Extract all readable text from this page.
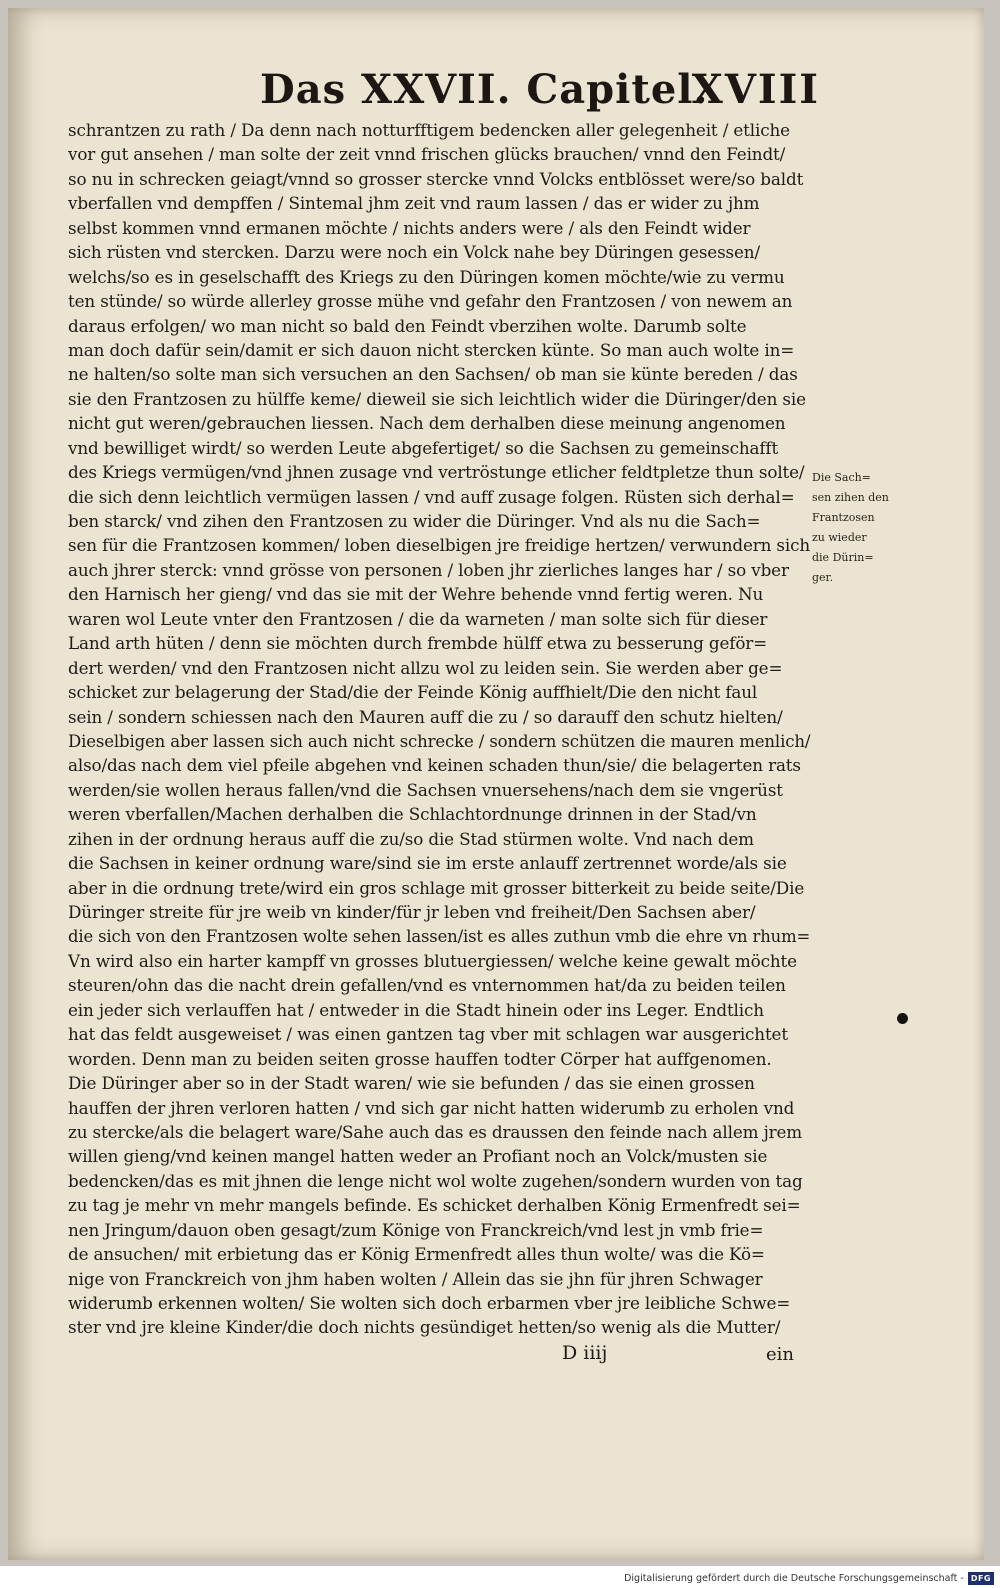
Das XXVII. Capitel.
XVIII
schrantzen zu rath / Da denn nach notturfftigem bedencken aller gelegenheit / etliche
vor gut ansehen / man solte der zeit vnnd frischen glücks brauchen/ vnnd den Feindt/
so nu in schrecken geiagt/vnnd so grosser stercke vnnd Volcks entblösset were/so baldt
vberfallen vnd dempffen / Sintemal jhm zeit vnd raum lassen / das er wider zu jhm
selbst kommen vnnd ermanen möchte / nichts anders were / als den Feindt wider
sich rüsten vnd stercken. Darzu were noch ein Volck nahe bey Düringen gesessen/
welchs/so es in geselschafft des Kriegs zu den Düringen komen möchte/wie zu vermu
ten stünde/ so würde allerley grosse mühe vnd gefahr den Frantzosen / von newem an
daraus erfolgen/ wo man nicht so bald den Feindt vberzihen wolte. Darumb solte
man doch dafür sein/damit er sich dauon nicht stercken künte. So man auch wolte in=
ne halten/so solte man sich versuchen an den Sachsen/ ob man sie künte bereden / das
sie den Frantzosen zu hülffe keme/ dieweil sie sich leichtlich wider die Düringer/den sie
nicht gut weren/gebrauchen liessen. Nach dem derhalben diese meinung angenomen
vnd bewilliget wirdt/ so werden Leute abgefertiget/ so die Sachsen zu gemeinschafft
des Kriegs vermügen/vnd jhnen zusage vnd vertröstunge etlicher feldtpletze thun solte/
die sich denn leichtlich vermügen lassen / vnd auff zusage folgen. Rüsten sich derhal=
ben starck/ vnd zihen den Frantzosen zu wider die Düringer. Vnd als nu die Sach=
sen für die Frantzosen kommen/ loben dieselbigen jre freidige hertzen/ verwundern sich
auch jhrer sterck: vnnd grösse von personen / loben jhr zierliches langes har / so vber
den Harnisch her gieng/ vnd das sie mit der Wehre behende vnnd fertig weren. Nu
waren wol Leute vnter den Frantzosen / die da warneten / man solte sich für dieser
Land arth hüten / denn sie möchten durch frembde hülff etwa zu besserung geför=
dert werden/ vnd den Frantzosen nicht allzu wol zu leiden sein. Sie werden aber ge=
schicket zur belagerung der Stad/die der Feinde König auffhielt/Die den nicht faul
sein / sondern schiessen nach den Mauren auff die zu / so darauff den schutz hielten/
Dieselbigen aber lassen sich auch nicht schrecke / sondern schützen die mauren menlich/
also/das nach dem viel pfeile abgehen vnd keinen schaden thun/sie/ die belagerten rats
werden/sie wollen heraus fallen/vnd die Sachsen vnuersehens/nach dem sie vngerüst
weren vberfallen/Machen derhalben die Schlachtordnunge drinnen in der Stad/vn
zihen in der ordnung heraus auff die zu/so die Stad stürmen wolte. Vnd nach dem
die Sachsen in keiner ordnung ware/sind sie im erste anlauff zertrennet worde/als sie
aber in die ordnung trete/wird ein gros schlage mit grosser bitterkeit zu beide seite/Die
Düringer streite für jre weib vn kinder/für jr leben vnd freiheit/Den Sachsen aber/
die sich von den Frantzosen wolte sehen lassen/ist es alles zuthun vmb die ehre vn rhum=
Vn wird also ein harter kampff vn grosses blutuergiessen/ welche keine gewalt möchte
steuren/ohn das die nacht drein gefallen/vnd es vnternommen hat/da zu beiden teilen
ein jeder sich verlauffen hat / entweder in die Stadt hinein oder ins Leger. Endtlich
hat das feldt ausgeweiset / was einen gantzen tag vber mit schlagen war ausgerichtet
worden. Denn man zu beiden seiten grosse hauffen todter Cörper hat auffgenomen.
Die Düringer aber so in der Stadt waren/ wie sie befunden / das sie einen grossen
hauffen der jhren verloren hatten / vnd sich gar nicht hatten widerumb zu erholen vnd
zu stercke/als die belagert ware/Sahe auch das es draussen den feinde nach allem jrem
willen gieng/vnd keinen mangel hatten weder an Profiant noch an Volck/musten sie
bedencken/das es mit jhnen die lenge nicht wol wolte zugehen/sondern wurden von tag
zu tag je mehr vn mehr mangels befinde. Es schicket derhalben König Ermenfredt sei=
nen Jringum/dauon oben gesagt/zum Könige von Franckreich/vnd lest jn vmb frie=
de ansuchen/ mit erbietung das er König Ermenfredt alles thun wolte/ was die Kö=
nige von Franckreich von jhm haben wolten / Allein das sie jhn für jhren Schwager
widerumb erkennen wolten/ Sie wolten sich doch erbarmen vber jre leibliche Schwe=
ster vnd jre kleine Kinder/die doch nichts gesündiget hetten/so wenig als die Mutter/
Die Sach=
sen zihen den
Frantzosen
zu wieder
die Dürin=
ger.
D iiij	ein
Digitalisierung gefördert durch die Deutsche Forschungsgemeinschaft - DFG
